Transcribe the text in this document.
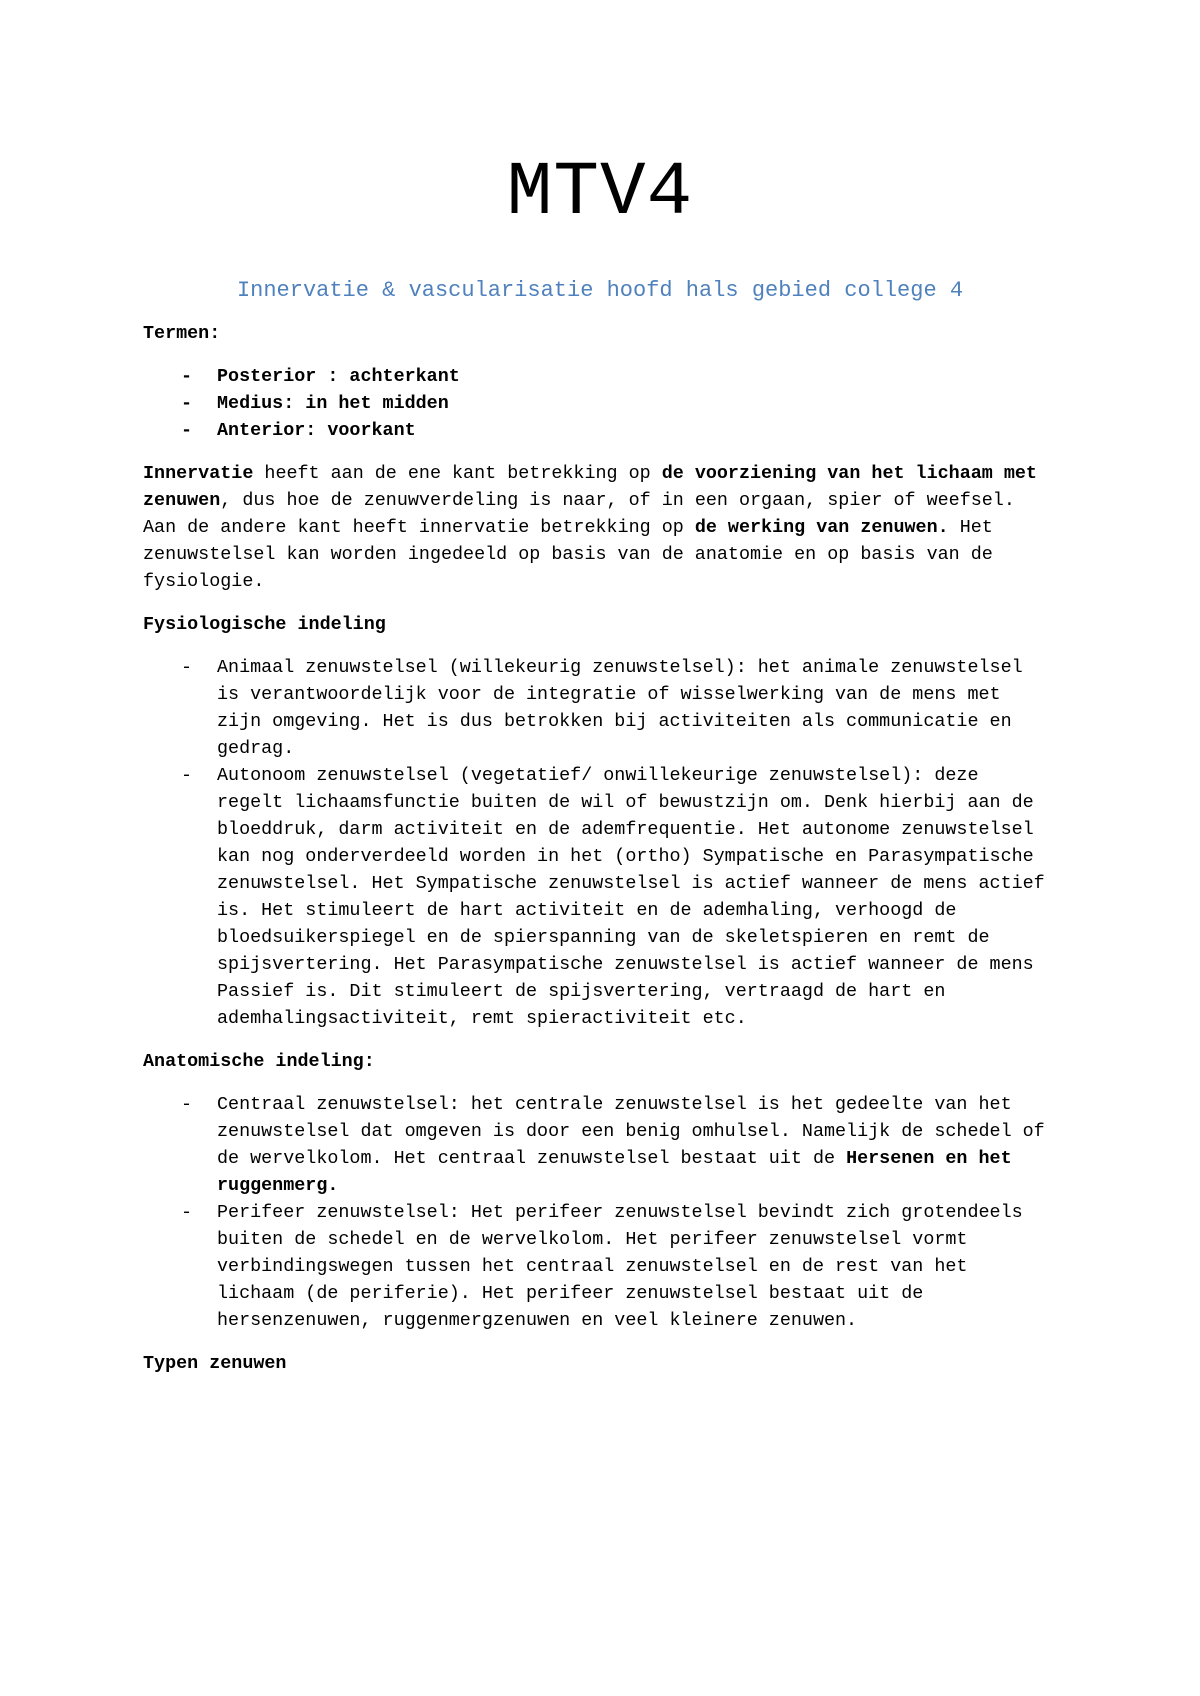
MTV4
Innervatie & vascularisatie hoofd hals gebied college 4
Termen:
- Posterior : achterkant
- Medius: in het midden
- Anterior: voorkant

Innervatie heeft aan de ene kant betrekking op de voorziening van het lichaam met zenuwen, dus hoe de zenuwverdeling is naar, of in een orgaan, spier of weefsel. Aan de andere kant heeft innervatie betrekking op de werking van zenuwen. Het zenuwstelsel kan worden ingedeeld op basis van de anatomie en op basis van de fysiologie.

Fysiologische indeling
- Animaal zenuwstelsel (willekeurig zenuwstelsel): het animale zenuwstelsel is verantwoordelijk voor de integratie of wisselwerking van de mens met zijn omgeving. Het is dus betrokken bij activiteiten als communicatie en gedrag.
- Autonoom zenuwstelsel (vegetatief/ onwillekeurige zenuwstelsel): deze regelt lichaamsfunctie buiten de wil of bewustzijn om. Denk hierbij aan de bloeddruk, darm activiteit en de ademfrequentie. Het autonome zenuwstelsel kan nog onderverdeeld worden in het (ortho) Sympatische en Parasympatische zenuwstelsel. Het Sympatische zenuwstelsel is actief wanneer de mens actief is. Het stimuleert de hart activiteit en de ademhaling, verhoogd de bloedsuikerspiegel en de spierspanning van de skeletspieren en remt de spijsvertering. Het Parasympatische zenuwstelsel is actief wanneer de mens Passief is. Dit stimuleert de spijsvertering, vertraagd de hart en ademhalingsactiviteit, remt spieractiviteit etc.
Anatomische indeling:
- Centraal zenuwstelsel: het centrale zenuwstelsel is het gedeelte van het zenuwstelsel dat omgeven is door een benig omhulsel. Namelijk de schedel of de wervelkolom. Het centraal zenuwstelsel bestaat uit de Hersenen en het ruggenmerg.
- Perifeer zenuwstelsel: Het perifeer zenuwstelsel bevindt zich grotendeels buiten de schedel en de wervelkolom. Het perifeer zenuwstelsel vormt verbindingswegen tussen het centraal zenuwstelsel en de rest van het lichaam (de periferie). Het perifeer zenuwstelsel bestaat uit de hersenzenuwen, ruggenmergzenuwen en veel kleinere zenuwen.
Typen zenuwen
